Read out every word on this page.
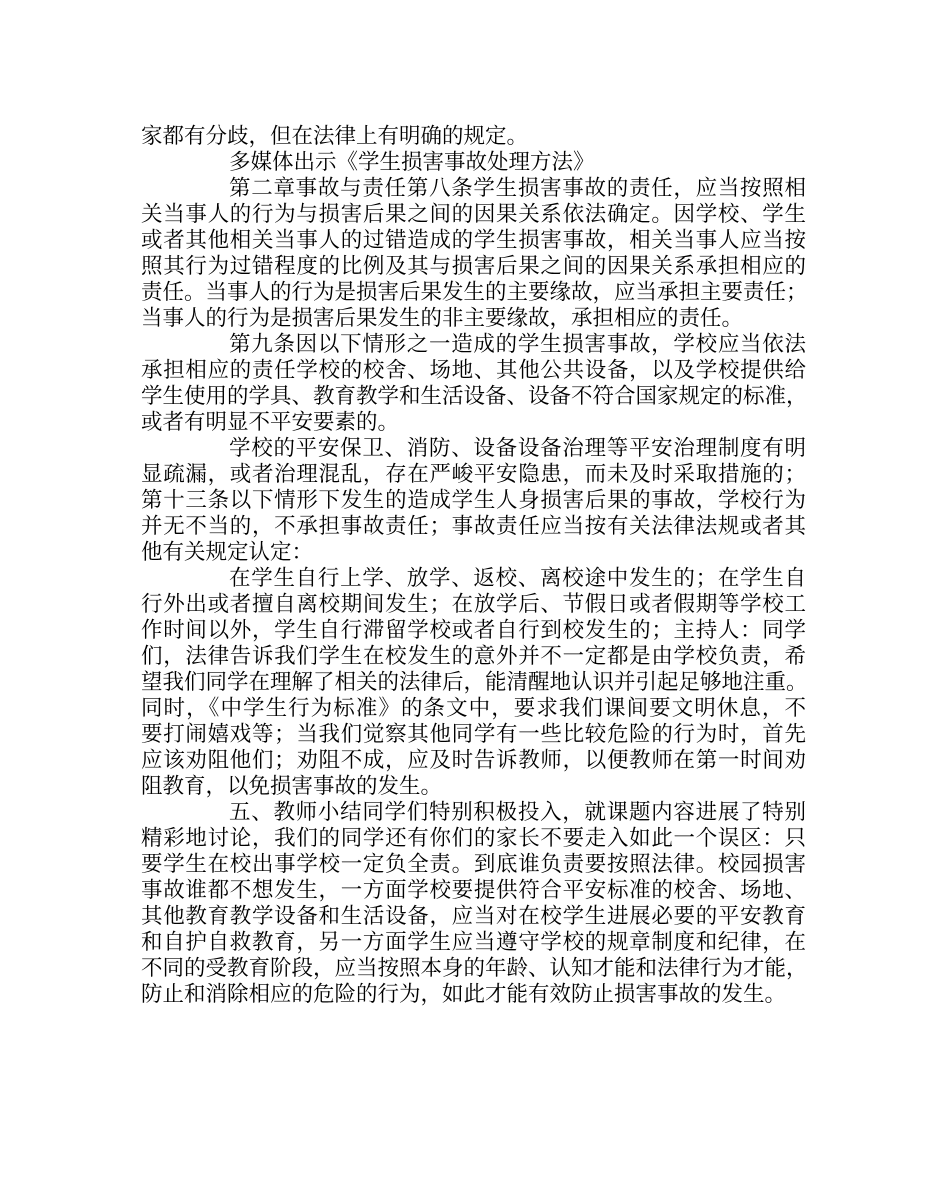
家都有分歧，但在法律上有明确的规定。
多媒体出示《学生损害事故处理方法》
第二章事故与责任第八条学生损害事故的责任，应当按照相
关当事人的行为与损害后果之间的因果关系依法确定。因学校、学生
或者其他相关当事人的过错造成的学生损害事故，相关当事人应当按
照其行为过错程度的比例及其与损害后果之间的因果关系承担相应的
责任。当事人的行为是损害后果发生的主要缘故，应当承担主要责任；
当事人的行为是损害后果发生的非主要缘故，承担相应的责任。
第九条因以下情形之一造成的学生损害事故，学校应当依法
承担相应的责任学校的校舍、场地、其他公共设备，以及学校提供给
学生使用的学具、教育教学和生活设备、设备不符合国家规定的标准，
或者有明显不平安要素的。
学校的平安保卫、消防、设备设备治理等平安治理制度有明
显疏漏，或者治理混乱，存在严峻平安隐患，而未及时采取措施的；
第十三条以下情形下发生的造成学生人身损害后果的事故，学校行为
并无不当的，不承担事故责任；事故责任应当按有关法律法规或者其
他有关规定认定：
在学生自行上学、放学、返校、离校途中发生的；在学生自
行外出或者擅自离校期间发生；在放学后、节假日或者假期等学校工
作时间以外，学生自行滞留学校或者自行到校发生的；主持人：同学
们，法律告诉我们学生在校发生的意外并不一定都是由学校负责，希
望我们同学在理解了相关的法律后，能清醒地认识并引起足够地注重。
同时，《中学生行为标准》的条文中，要求我们课间要文明休息，不
要打闹嬉戏等；当我们觉察其他同学有一些比较危险的行为时，首先
应该劝阻他们；劝阻不成，应及时告诉教师，以便教师在第一时间劝
阻教育，以免损害事故的发生。
五、教师小结同学们特别积极投入，就课题内容进展了特别
精彩地讨论，我们的同学还有你们的家长不要走入如此一个误区：只
要学生在校出事学校一定负全责。到底谁负责要按照法律。校园损害
事故谁都不想发生，一方面学校要提供符合平安标准的校舍、场地、
其他教育教学设备和生活设备，应当对在校学生进展必要的平安教育
和自护自救教育，另一方面学生应当遵守学校的规章制度和纪律，在
不同的受教育阶段，应当按照本身的年龄、认知才能和法律行为才能，
防止和消除相应的危险的行为，如此才能有效防止损害事故的发生。
